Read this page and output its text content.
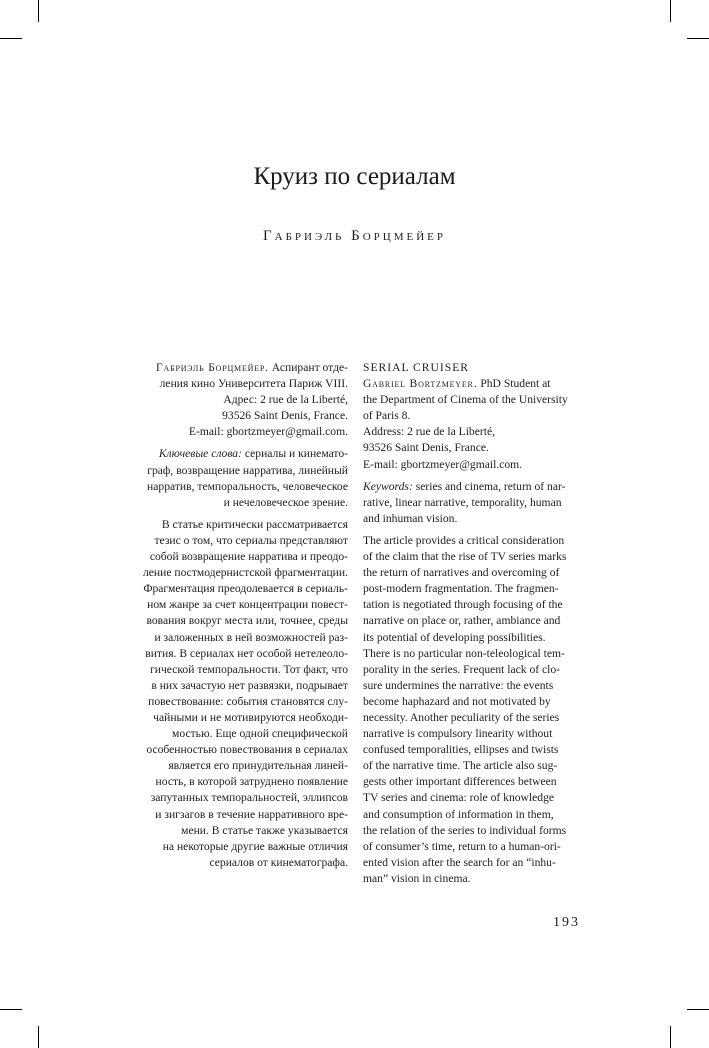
Круиз по сериалам
Габриэль Борцмейер

Габриэль Борцмейер. Аспирант отде-
ления кино Университета Париж VIII.
Адрес: 2 rue de la Liberté,
93526 Saint Denis, France.
E-mail: gbortzmeyer@gmail.com.

Ключевые слова: сериалы и кинемато-
граф, возвращение нарратива, линейный
нарратив, темпоральность, человеческое
и нечеловеческое зрение.

В статье критически рассматривается
тезис о том, что сериалы представляют
собой возвращение нарратива и преодо-
ление постмодернистской фрагментации.
Фрагментация преодолевается в сериаль-
ном жанре за счет концентрации повест-
вования вокруг места или, точнее, среды
и заложенных в ней возможностей раз-
вития. В сериалах нет особой нетелеоло-
гической темпоральности. Тот факт, что
в них зачастую нет развязки, подрывает
повествование: события становятся слу-
чайными и не мотивируются необходи-
мостью. Еще одной специфической
особенностью повествования в сериалах
является его принудительная линей-
ность, в которой затруднено появление
запутанных темпоральностей, эллипсов
и зигзагов в течение нарративного вре-
мени. В статье также указывается
на некоторые другие важные отличия
сериалов от кинематографа.

SERIAL CRUISER

Gabriel Bortzmeyer. PhD Student at
the Department of Cinema of the University
of Paris 8.
Address: 2 rue de la Liberté,
93526 Saint Denis, France.
E-mail: gbortzmeyer@gmail.com.

Keywords: series and cinema, return of nar-
rative, linear narrative, temporality, human
and inhuman vision.

The article provides a critical consideration
of the claim that the rise of TV series marks
the return of narratives and overcoming of
post-modern fragmentation. The fragmen-
tation is negotiated through focusing of the
narrative on place or, rather, ambiance and
its potential of developing possibilities.
There is no particular non-teleological tem-
porality in the series. Frequent lack of clo-
sure undermines the narrative: the events
become haphazard and not motivated by
necessity. Another peculiarity of the series
narrative is compulsory linearity without
confused temporalities, ellipses and twists
of the narrative time. The article also sug-
gests other important differences between
TV series and cinema: role of knowledge
and consumption of information in them,
the relation of the series to individual forms
of consumer’s time, return to a human-ori-
ented vision after the search for an “inhu-
man” vision in cinema.

193
